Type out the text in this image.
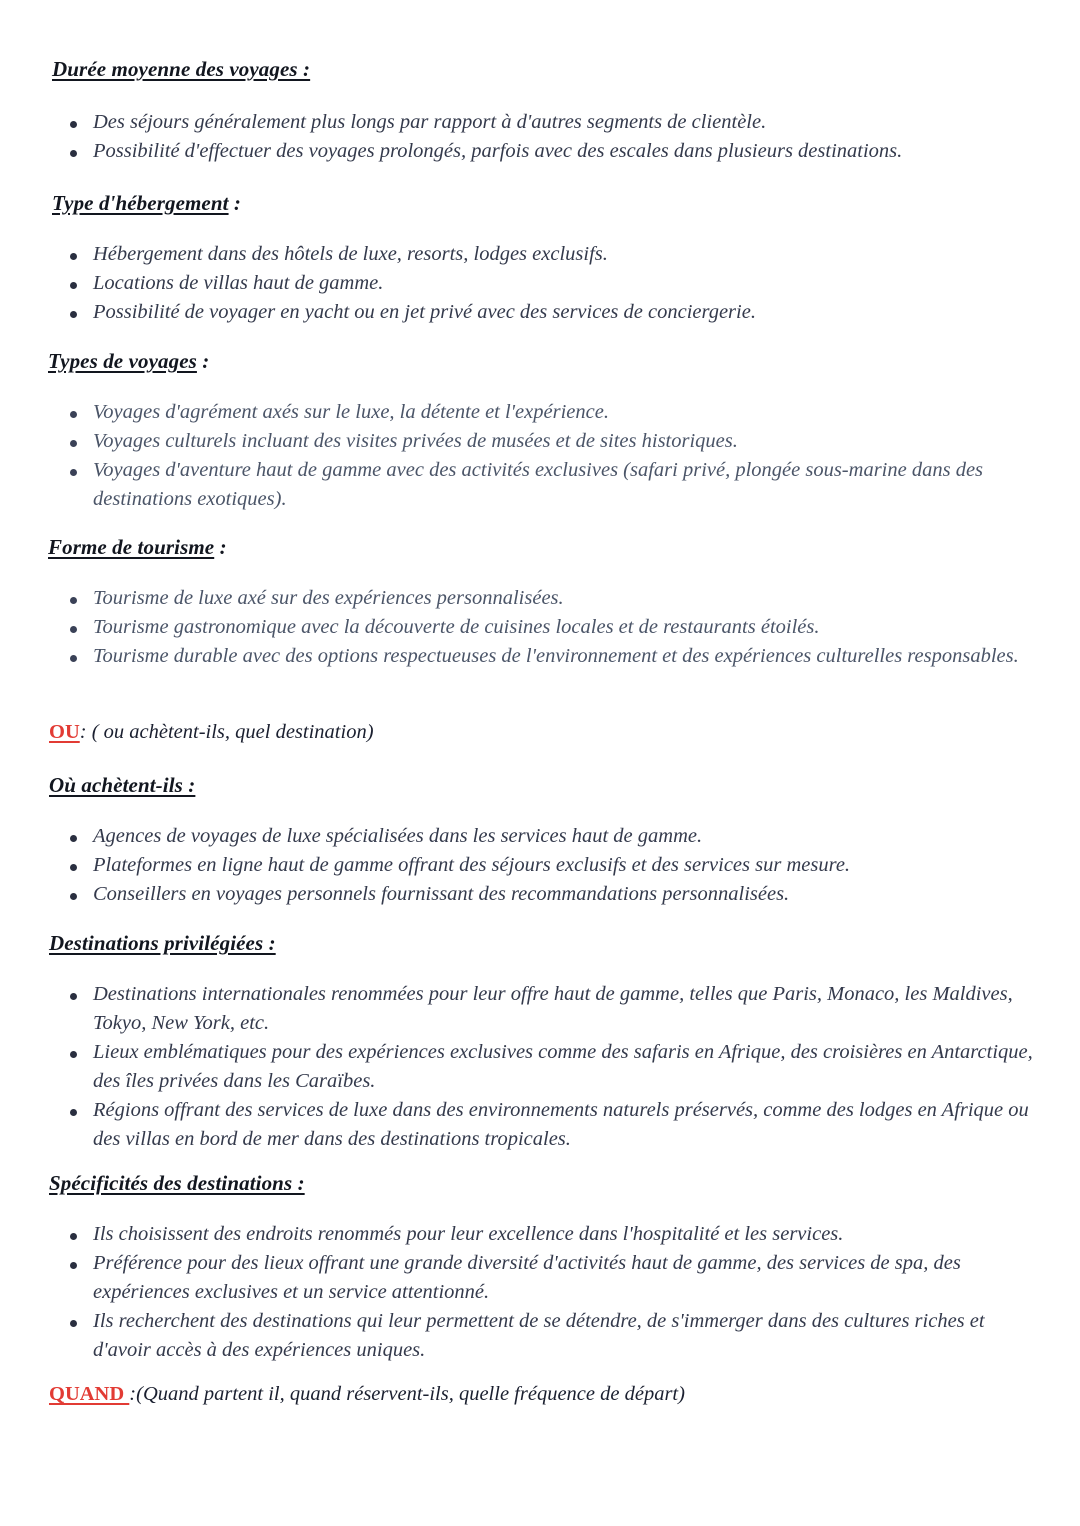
Durée moyenne des voyages :
Des séjours généralement plus longs par rapport à d'autres segments de clientèle.
Possibilité d'effectuer des voyages prolongés, parfois avec des escales dans plusieurs destinations.
Type d'hébergement :
Hébergement dans des hôtels de luxe, resorts, lodges exclusifs.
Locations de villas haut de gamme.
Possibilité de voyager en yacht ou en jet privé avec des services de conciergerie.
Types de voyages :
Voyages d'agrément axés sur le luxe, la détente et l'expérience.
Voyages culturels incluant des visites privées de musées et de sites historiques.
Voyages d'aventure haut de gamme avec des activités exclusives (safari privé, plongée sous-marine dans des destinations exotiques).
Forme de tourisme :
Tourisme de luxe axé sur des expériences personnalisées.
Tourisme gastronomique avec la découverte de cuisines locales et de restaurants étoilés.
Tourisme durable avec des options respectueuses de l'environnement et des expériences culturelles responsables.

OU: ( ou achètent-ils, quel destination)

Où achètent-ils :
Agences de voyages de luxe spécialisées dans les services haut de gamme.
Plateformes en ligne haut de gamme offrant des séjours exclusifs et des services sur mesure.
Conseillers en voyages personnels fournissant des recommandations personnalisées.
Destinations privilégiées :
Destinations internationales renommées pour leur offre haut de gamme, telles que Paris, Monaco, les Maldives, Tokyo, New York, etc.
Lieux emblématiques pour des expériences exclusives comme des safaris en Afrique, des croisières en Antarctique, des îles privées dans les Caraïbes.
Régions offrant des services de luxe dans des environnements naturels préservés, comme des lodges en Afrique ou des villas en bord de mer dans des destinations tropicales.
Spécificités des destinations :
Ils choisissent des endroits renommés pour leur excellence dans l'hospitalité et les services.
Préférence pour des lieux offrant une grande diversité d'activités haut de gamme, des services de spa, des expériences exclusives et un service attentionné.
Ils recherchent des destinations qui leur permettent de se détendre, de s'immerger dans des cultures riches et d'avoir accès à des expériences uniques.

QUAND :(Quand partent il, quand réservent-ils, quelle fréquence de départ)
